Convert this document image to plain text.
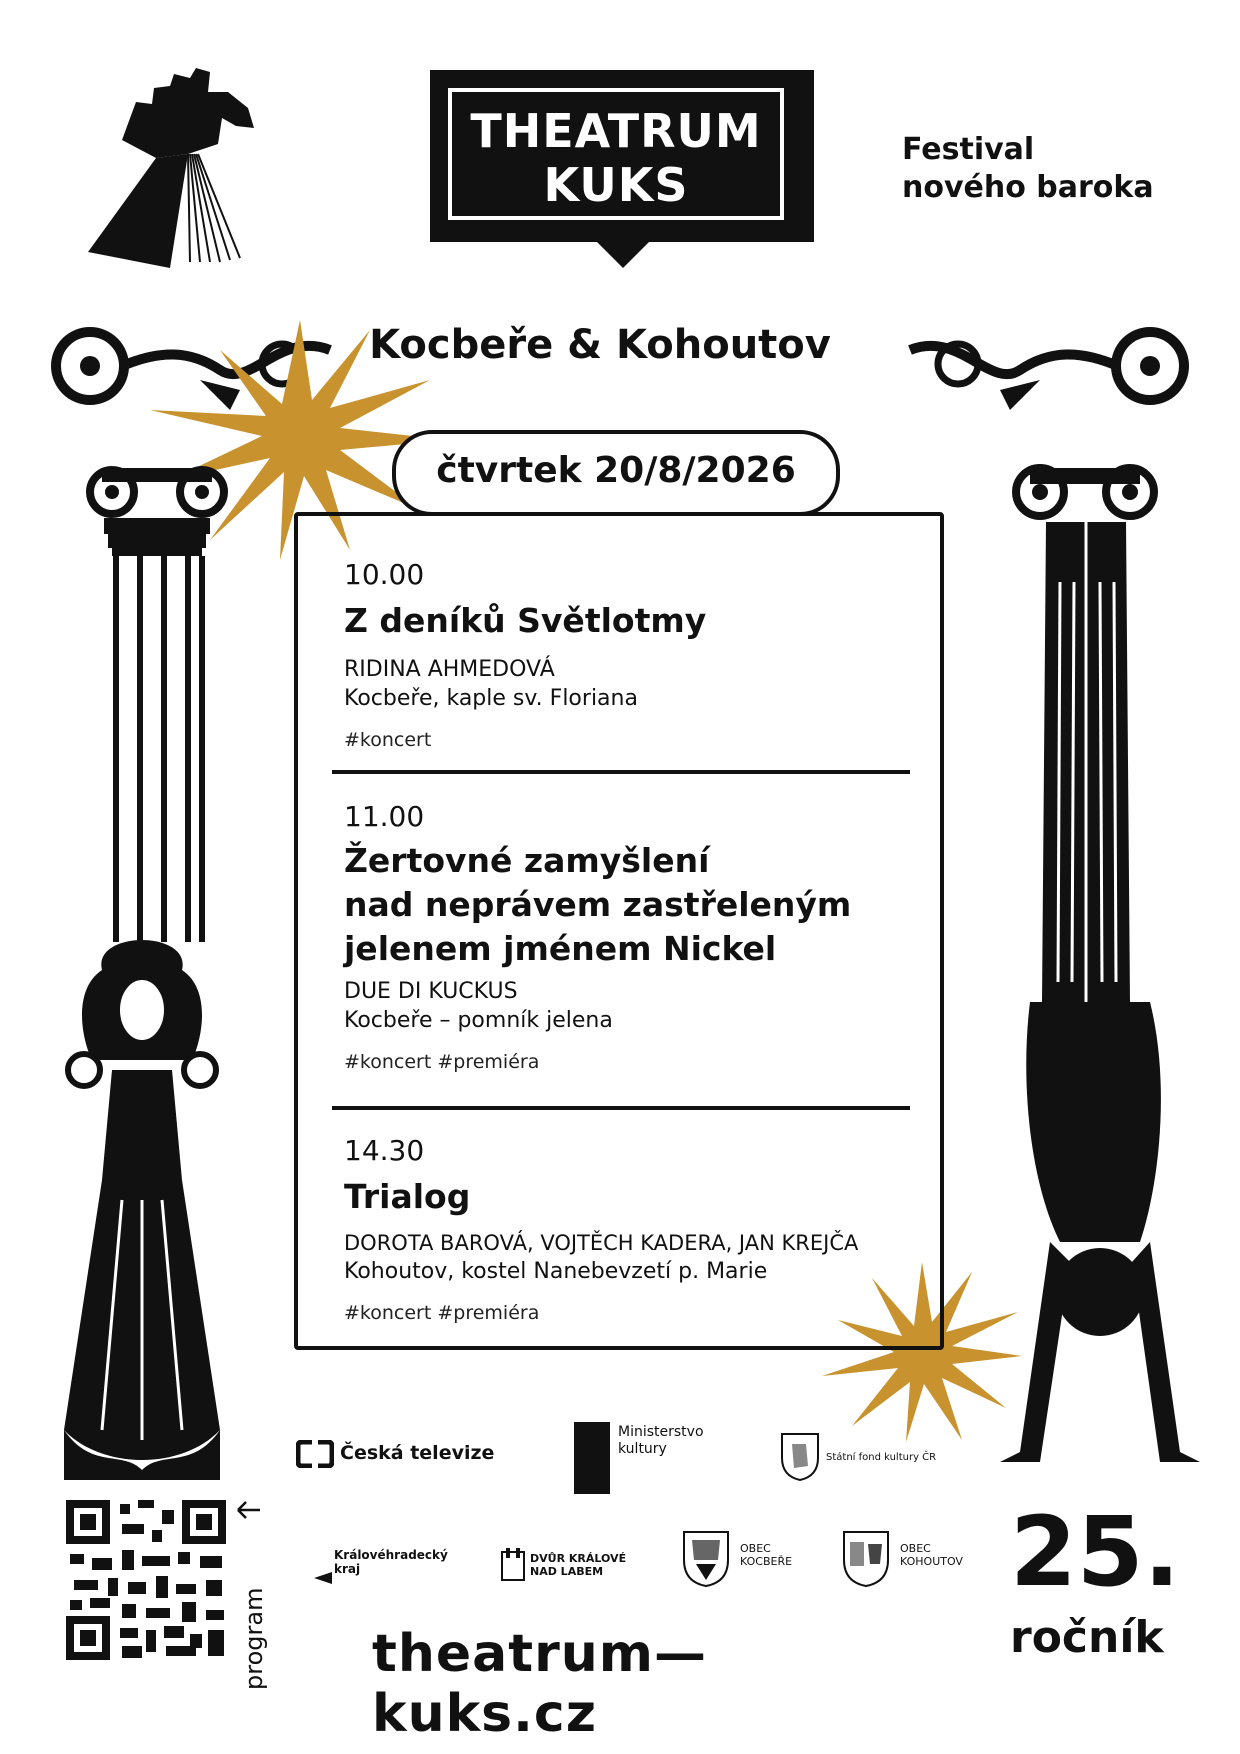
THEATRUM
KUKS
Festival
nového baroka
Kocbeře & Kohoutov
čtvrtek 20/8/2026
10.00
Z deníků Světlotmy
RIDINA AHMEDOVÁ
Kocbeře, kaple sv. Floriana
#koncert
11.00
Žertovné zamyšlení
nad neprávem zastřeleným
jelenem jménem Nickel
DUE DI KUCKUS
Kocbeře – pomník jelena
#koncert #premiéra
14.30
Trialog
DOROTA BAROVÁ, VOJTĚCH KADERA, JAN KREJČA
Kohoutov, kostel Nanebevzetí p. Marie
#koncert #premiéra
Česká televize
Ministerstvo
kultury
Státní fond kultury ČR
program
Královéhradecký
kraj
DVŮR KRÁLOVÉ
NAD LABEM
OBEC
KOCBEŘE
OBEC
KOHOUTOV 25.
ročník
theatrum—kuks.cz
